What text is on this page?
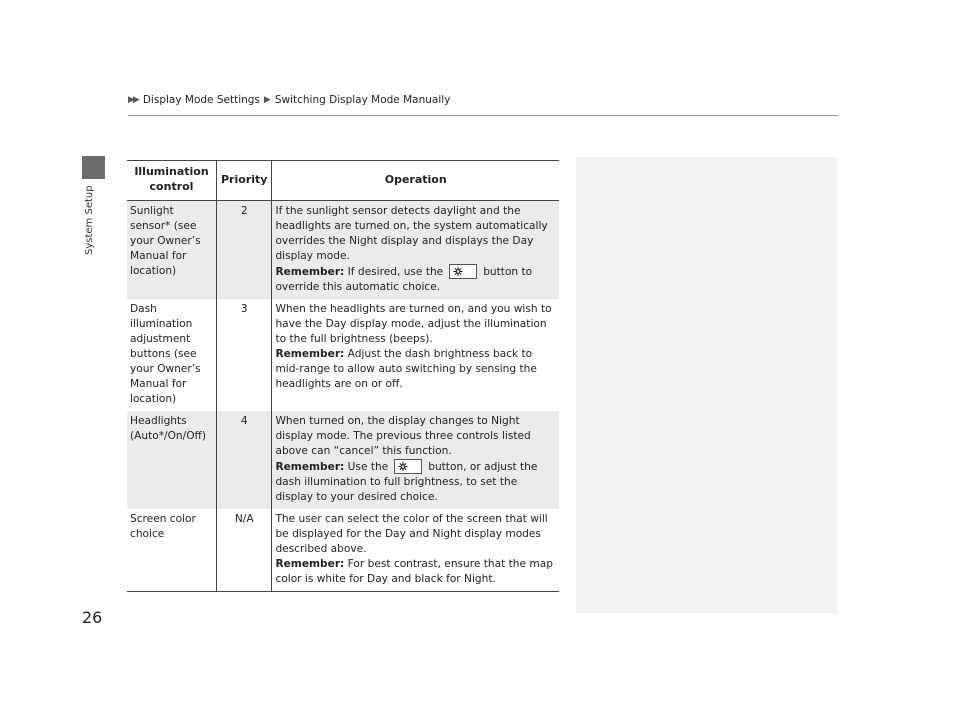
▶▶ Display Mode Settings ▶ Switching Display Mode Manually
System Setup
Illumination control	Priority	Operation
Sunlight sensor* (see your Owner’s Manual for location)	2	If the sunlight sensor detects daylight and the headlights are turned on, the system automatically overrides the Night display and displays the Day display mode.
Remember: If desired, use the button to override this automatic choice.
Dash illumination adjustment buttons (see your Owner’s Manual for location)	3	When the headlights are turned on, and you wish to have the Day display mode, adjust the illumination to the full brightness (beeps).
Remember: Adjust the dash brightness back to mid-range to allow auto switching by sensing the headlights are on or off.
Headlights (Auto*/On/Off)	4	When turned on, the display changes to Night display mode. The previous three controls listed above can “cancel” this function.
Remember: Use the button, or adjust the dash illumination to full brightness, to set the display to your desired choice.
Screen color choice	N/A	The user can select the color of the screen that will be displayed for the Day and Night display modes described above.
Remember: For best contrast, ensure that the map color is white for Day and black for Night.
26
